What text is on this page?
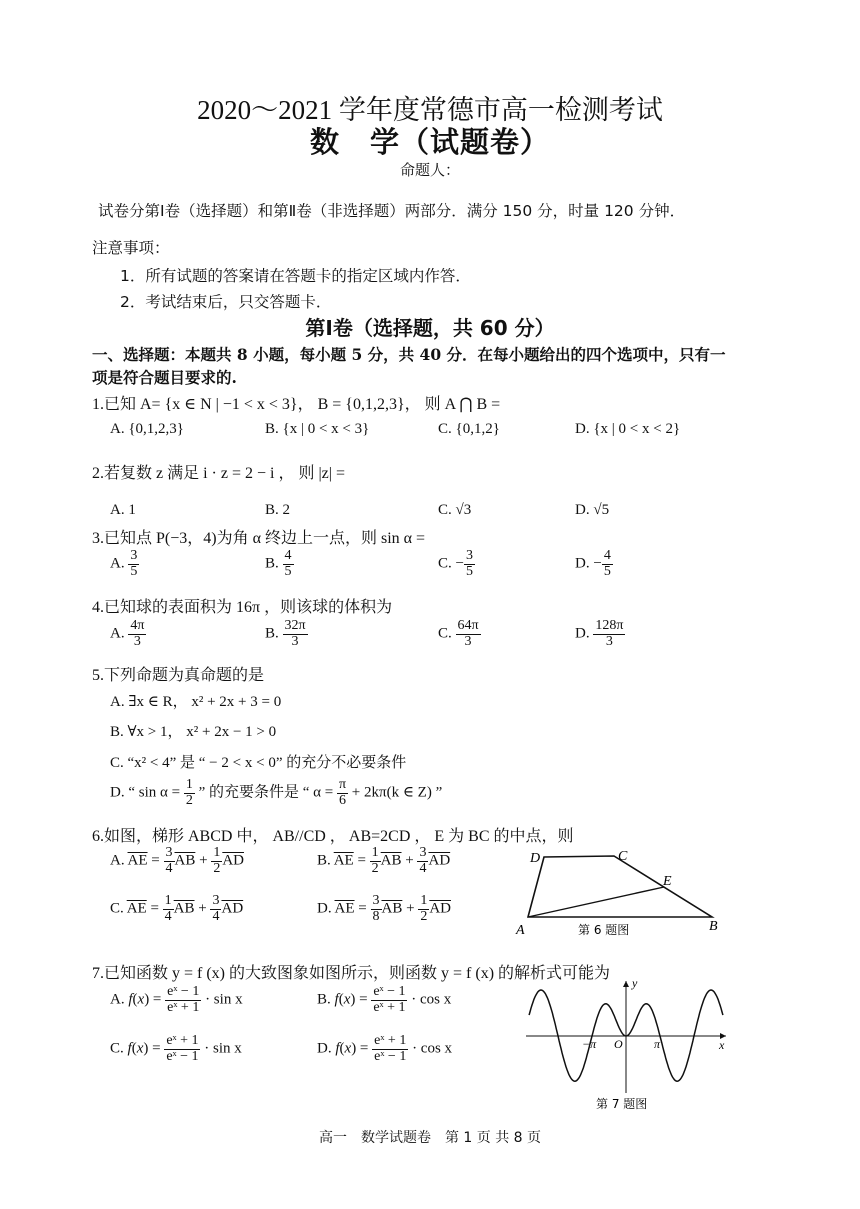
2020～2021 学年度常德市高一检测考试
数　学（试题卷）
命题人：
试卷分第Ⅰ卷（选择题）和第Ⅱ卷（非选择题）两部分．满分 150 分，时量 120 分钟．
注意事项：
1．所有试题的答案请在答题卡的指定区域内作答．
2．考试结束后，只交答题卡．
第Ⅰ卷（选择题，共 60 分）
一、选择题：本题共 8 小题，每小题 5 分，共 40 分．在每小题给出的四个选项中，只有一
项是符合题目要求的.
1.已知 A= {x ∈ N | −1 < x < 3}， B = {0,1,2,3}， 则 A ⋂ B =
A. {0,1,2,3}	B. {x | 0 < x < 3}	C. {0,1,2}	D. {x | 0 < x < 2}
2.若复数 z 满足 i · z = 2 − i ， 则 |z| =
A. 1	B. 2	C. √3	D. √5
3.已知点 P(−3，4)为角 α 终边上一点，则 sin α =
A. $\frac{3}{5}$	B. $\frac{4}{5}$	C. − $\frac{3}{5}$	D. − $\frac{4}{5}$
4.已知球的表面积为 16π ，则该球的体积为
A. $\frac{4\pi}{3}$	B. $\frac{32\pi}{3}$	C. $\frac{64\pi}{3}$	D. $\frac{128\pi}{3}$
5.下列命题为真命题的是
A. ∃x ∈ R， x² + 2x + 3 = 0
B. ∀x > 1， x² + 2x − 1 > 0
C. “x² < 4” 是 “ − 2 < x < 0” 的充分不必要条件
D. “ $\sin \alpha = \frac{1}{2}$ ” 的充要条件是 “ $\alpha = \frac{\pi}{6} + 2k\pi(k$ ∈ Z) ”
6.如图，梯形 ABCD 中， AB//CD ， AB=2CD ， E 为 BC 的中点，则
A. $\overline{AE} = \frac{3}{4} \overline{AB} + \frac{1}{2} \overline{AD}$	B. $\overline{AE} = \frac{1}{2} \overline{AB} + \frac{3}{4} \overline{AD}$
C. $\overline{AE} = \frac{1}{4} \overline{AB} + \frac{3}{4} \overline{AD}$	D. $\overline{AE} = \frac{3}{8} \overline{AB} + \frac{1}{2} \overline{AD}$
D	C
E
A	B
第 6 题图
7.已知函数 y = f (x) 的大致图象如图所示，则函数 y = f (x) 的解析式可能为
A. $f(x) = \frac{\text{eˣ − 1}}{\text{eˣ + 1}} \cdot \sin x$	B. $f(x) = \frac{\text{eˣ − 1}}{\text{eˣ + 1}} \cdot \cos x$
C. $f(x) = \frac{\text{eˣ + 1}}{\text{eˣ − 1}} \cdot \sin x$	D. $f(x) = \frac{\text{eˣ + 1}}{\text{eˣ − 1}} \cdot \cos x$
y
x
O
−π	π
第 7 题图
高一　数学试题卷　第 1 页 共 8 页
